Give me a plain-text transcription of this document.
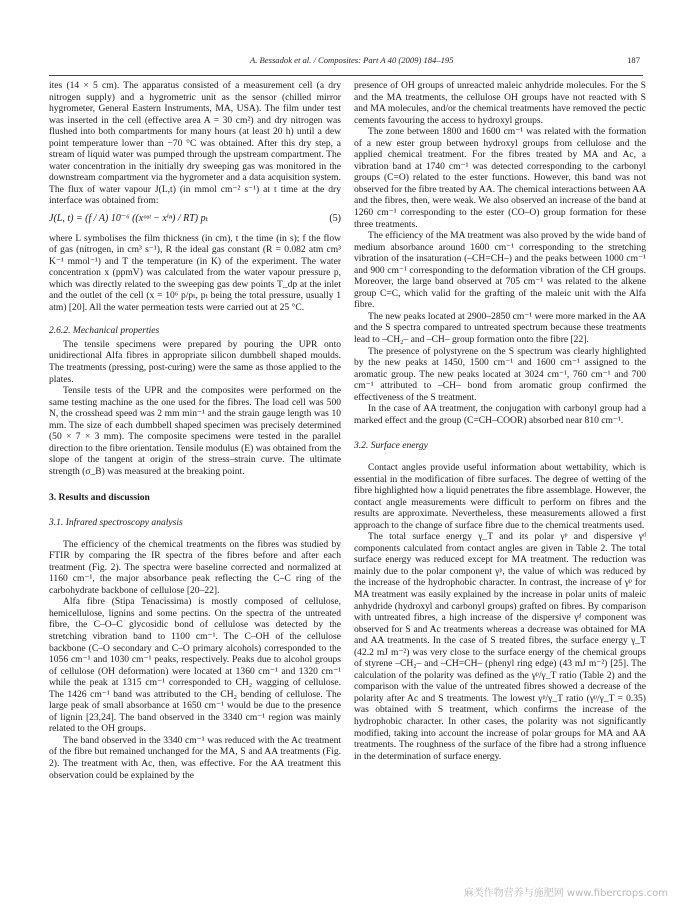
A. Bessadok et al. / Composites: Part A 40 (2009) 184–195	187

ites (14 × 5 cm). The apparatus consisted of a measurement cell (a dry nitrogen supply) and a hygrometric unit as the sensor (chilled mirror hygrometer, General Eastern Instruments, MA, USA). The film under test was inserted in the cell (effective area A = 30 cm²) and dry nitrogen was flushed into both compartments for many hours (at least 20 h) until a dew point temperature lower than −70 °C was obtained. After this dry step, a stream of liquid water was pumped through the upstream compartment. The water concentration in the initially dry sweeping gas was monitored in the downstream compartment via the hygrometer and a data acquisition system. The flux of water vapour J(L,t) (in mmol cm⁻² s⁻¹) at t time at the dry interface was obtained from:

J(L, t) = (f / A) 10⁻⁶ ((xᵒᵘᵗ − xⁱⁿ) / RT) pₜ	(5)

where L symbolises the film thickness (in cm), t the time (in s); f the flow of gas (nitrogen, in cm³ s⁻¹), R the ideal gas constant (R = 0.082 atm cm³ K⁻¹ mmol⁻¹) and T the temperature (in K) of the experiment. The water concentration x (ppmV) was calculated from the water vapour pressure p, which was directly related to the sweeping gas dew points T_dp at the inlet and the outlet of the cell (x = 10⁶ p/pₜ, pₜ being the total pressure, usually 1 atm) [20]. All the water permeation tests were carried out at 25 °C.

2.6.2. Mechanical properties

The tensile specimens were prepared by pouring the UPR onto unidirectional Alfa fibres in appropriate silicon dumbbell shaped moulds. The treatments (pressing, post-curing) were the same as those applied to the plates.

Tensile tests of the UPR and the composites were performed on the same testing machine as the one used for the fibres. The load cell was 500 N, the crosshead speed was 2 mm min⁻¹ and the strain gauge length was 10 mm. The size of each dumbbell shaped specimen was precisely determined (50 × 7 × 3 mm). The composite specimens were tested in the parallel direction to the fibre orientation. Tensile modulus (E) was obtained from the slope of the tangent at origin of the stress–strain curve. The ultimate strength (σ_B) was measured at the breaking point.

3. Results and discussion
3.1. Infrared spectroscopy analysis

The efficiency of the chemical treatments on the fibres was studied by FTIR by comparing the IR spectra of the fibres before and after each treatment (Fig. 2). The spectra were baseline corrected and normalized at 1160 cm⁻¹, the major absorbance peak reflecting the C–C ring of the carbohydrate backbone of cellulose [20–22].

Alfa fibre (Stipa Tenacissima) is mostly composed of cellulose, hemicellulose, lignins and some pectins. On the spectra of the untreated fibre, the C–O–C glycosidic bond of cellulose was detected by the stretching vibration band to 1100 cm⁻¹. The C–OH of the cellulose backbone (C–O secondary and C–O primary alcohols) corresponded to the 1056 cm⁻¹ and 1030 cm⁻¹ peaks, respectively. Peaks due to alcohol groups of cellulose (OH deformation) were located at 1360 cm⁻¹ and 1320 cm⁻¹ while the peak at 1315 cm⁻¹ corresponded to CH₂ wagging of cellulose. The 1426 cm⁻¹ band was attributed to the CH₂ bending of cellulose. The large peak of small absorbance at 1650 cm⁻¹ would be due to the presence of lignin [23,24]. The band observed in the 3340 cm⁻¹ region was mainly related to the OH groups.

The band observed in the 3340 cm⁻¹ was reduced with the Ac treatment of the fibre but remained unchanged for the MA, S and AA treatments (Fig. 2). The treatment with Ac, then, was effective. For the AA treatment this observation could be explained by the

presence of OH groups of unreacted maleic anhydride molecules. For the S and the MA treatments, the cellulose OH groups have not reacted with S and MA molecules, and/or the chemical treatments have removed the pectic cements favouring the access to hydroxyl groups.

The zone between 1800 and 1600 cm⁻¹ was related with the formation of a new ester group between hydroxyl groups from cellulose and the applied chemical treatment. For the fibres treated by MA and Ac, a vibration band at 1740 cm⁻¹ was detected corresponding to the carbonyl groups (C=O) related to the ester functions. However, this band was not observed for the fibre treated by AA. The chemical interactions between AA and the fibres, then, were weak. We also observed an increase of the band at 1260 cm⁻¹ corresponding to the ester (CO–O) group formation for these three treatments.

The efficiency of the MA treatment was also proved by the wide band of medium absorbance around 1600 cm⁻¹ corresponding to the stretching vibration of the insaturation (–CH=CH–) and the peaks between 1000 cm⁻¹ and 900 cm⁻¹ corresponding to the deformation vibration of the CH groups. Moreover, the large band observed at 705 cm⁻¹ was related to the alkene group C=C, which valid for the grafting of the maleic unit with the Alfa fibre.

The new peaks located at 2900–2850 cm⁻¹ were more marked in the AA and the S spectra compared to untreated spectrum because these treatments lead to –CH₂– and –CH– group formation onto the fibre [22].

The presence of polystyrene on the S spectrum was clearly highlighted by the new peaks at 1450, 1500 cm⁻¹ and 1600 cm⁻¹ assigned to the aromatic group. The new peaks located at 3024 cm⁻¹, 760 cm⁻¹ and 700 cm⁻¹ attributed to –CH– bond from aromatic group confirmed the effectiveness of the S treatment.

In the case of AA treatment, the conjugation with carbonyl group had a marked effect and the group (C=CH–COOR) absorbed near 810 cm⁻¹.

3.2. Surface energy

Contact angles provide useful information about wettability, which is essential in the modification of fibre surfaces. The degree of wetting of the fibre highlighted how a liquid penetrates the fibre assemblage. However, the contact angle measurements were difficult to perform on fibres and the results are approximate. Nevertheless, these measurements allowed a first approach to the change of surface fibre due to the chemical treatments used.

The total surface energy γ_T and its polar γᵖ and dispersive γᵈ components calculated from contact angles are given in Table 2. The total surface energy was reduced except for MA treatment. The reduction was mainly due to the polar component γᵖ, the value of which was reduced by the increase of the hydrophobic character. In contrast, the increase of γᵖ for MA treatment was easily explained by the increase in polar units of maleic anhydride (hydroxyl and carbonyl groups) grafted on fibres. By comparison with untreated fibres, a high increase of the dispersive γᵈ component was observed for S and Ac treatments whereas a decrease was obtained for MA and AA treatments. In the case of S treated fibres, the surface energy γ_T (42.2 mJ m⁻²) was very close to the surface energy of the chemical groups of styrene –CH₂– and –CH=CH– (phenyl ring edge) (43 mJ m⁻²) [25]. The calculation of the polarity was defined as the γᵖ/γ_T ratio (Table 2) and the comparison with the value of the untreated fibres showed a decrease of the polarity after Ac and S treatments. The lowest γᵖ/γ_T ratio (γᵖ/γ_T = 0.35) was obtained with S treatment, which confirms the increase of the hydrophobic character. In other cases, the polarity was not significantly modified, taking into account the increase of polar groups for MA and AA treatments. The roughness of the surface of the fibre had a strong influence in the determination of surface energy.

麻类作物营养与施肥网 www.fibercrops.com
